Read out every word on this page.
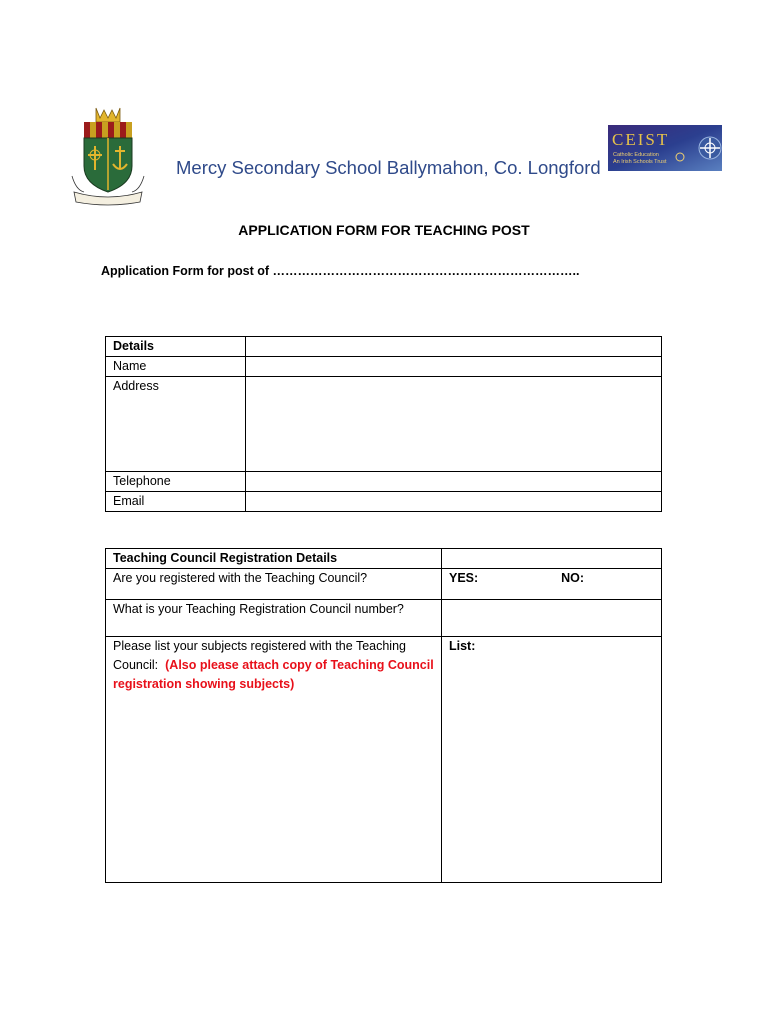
Mercy Secondary School Ballymahon, Co. Longford
CEIST
Catholic Education
An Irish Schools Trust
APPLICATION FORM FOR TEACHING POST
Application Form for post of ………………………………………………………………..
Details	
Name	
Address	
Telephone	
Email	
Teaching Council Registration Details	
Are you registered with the Teaching Council?	YES: NO:
What is your Teaching Registration Council number?	

Please list your subjects registered with the Teaching Council: (Also please attach copy of Teaching Council registration showing subjects)	List:
